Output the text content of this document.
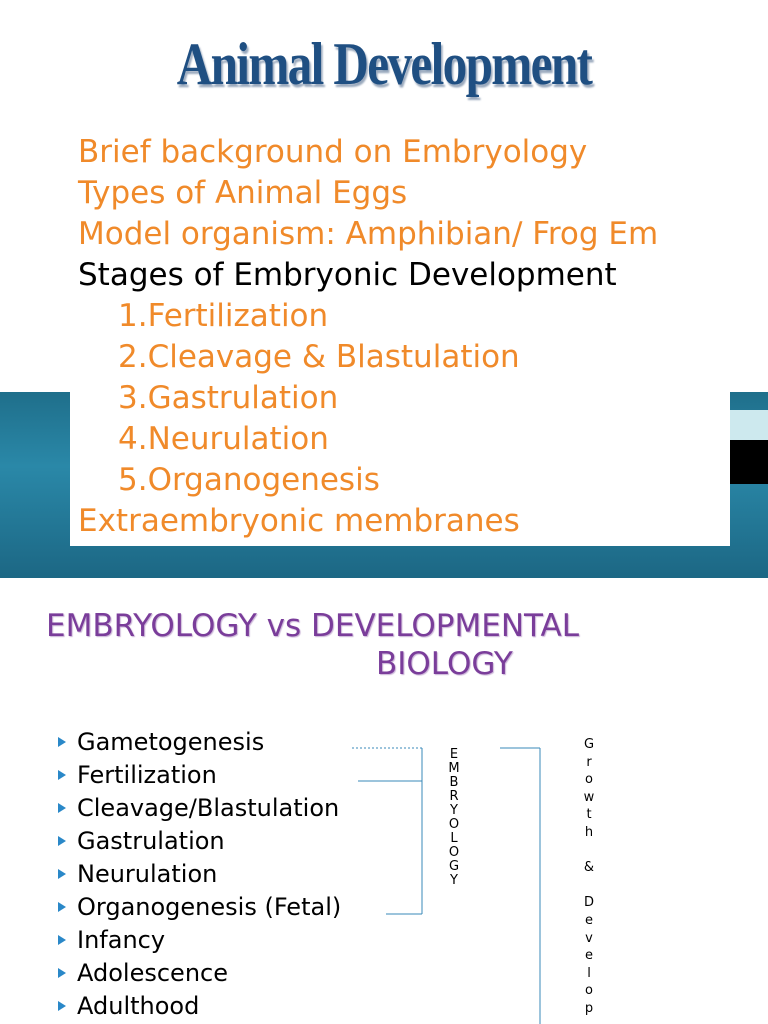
Animal Development
Brief background on Embryology
Types of Animal Eggs
Model organism: Amphibian/ Frog Em
Stages of Embryonic Development
1.Fertilization
2.Cleavage & Blastulation
3.Gastrulation
4.Neurulation
5.Organogenesis
Extraembryonic membranes
EMBRYOLOGY vs DEVELOPMENTAL
BIOLOGY
Gametogenesis
Fertilization
Cleavage/Blastulation
Gastrulation
Neurulation
Organogenesis (Fetal)
Infancy
Adolescence
Adulthood
E
M
B
R
Y
O
L
O
G
Y
G
r
o
w
t
h

&

D
e
v
e
l
o
p
